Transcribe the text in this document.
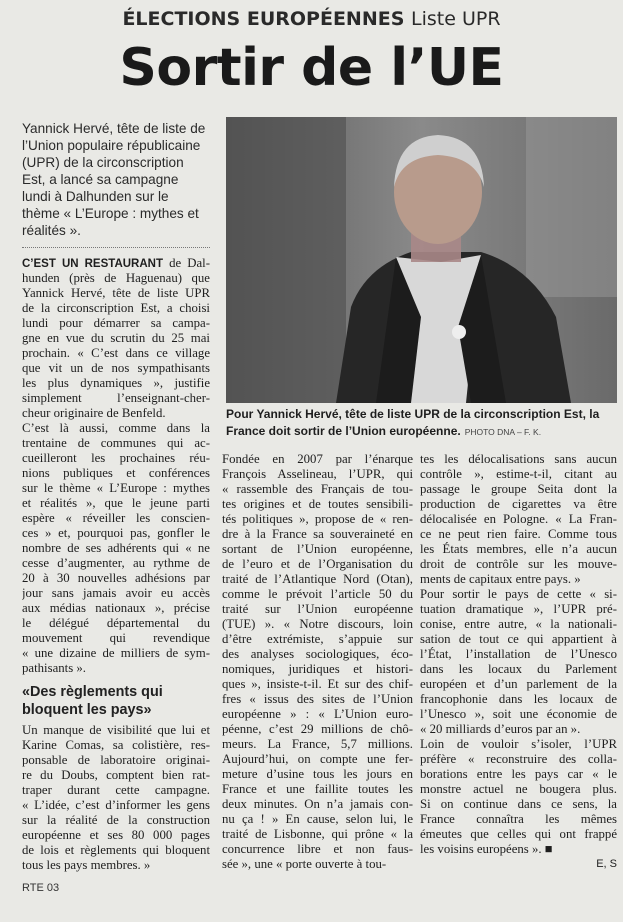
ÉLECTIONS EUROPÉENNES Liste UPR
Sortir de l’UE
Yannick Hervé, tête de liste de l’Union populaire républicaine (UPR) de la circonscription Est, a lancé sa campagne lundi à Dalhunden sur le thème « L’Europe : mythes et réalités ».
C’EST UN RESTAURANT de Dal-
hunden (près de Haguenau) que
Yannick Hervé, tête de liste UPR
de la circonscription Est, a choisi
lundi pour démarrer sa campa-
gne en vue du scrutin du 25 mai
prochain. « C’est dans ce village
que vit un de nos sympathisants
les plus dynamiques », justifie
simplement l’enseignant-cher-
cheur originaire de Benfeld.
C’est là aussi, comme dans la
trentaine de communes qui ac-
cueilleront les prochaines réu-
nions publiques et conférences
sur le thème « L’Europe : mythes
et réalités », que le jeune parti
espère « réveiller les conscien-
ces » et, pourquoi pas, gonfler le
nombre de ses adhérents qui « ne
cesse d’augmenter, au rythme de
20 à 30 nouvelles adhésions par
jour sans jamais avoir eu accès
aux médias nationaux », précise
le délégué départemental du
mouvement qui revendique
« une dizaine de milliers de sym-
pathisants ».
«Des règlements qui bloquent les pays»
Un manque de visibilité que lui et
Karine Comas, sa colistière, res-
ponsable de laboratoire originai-
re du Doubs, comptent bien rat-
traper durant cette campagne.
« L’idée, c’est d’informer les gens
sur la réalité de la construction
européenne et ses 80 000 pages
de lois et règlements qui bloquent
tous les pays membres. »
RTE 03
Pour Yannick Hervé, tête de liste UPR de la circonscription Est, la France doit sortir de l’Union européenne. PHOTO DNA – F. K.
Fondée en 2007 par l’énarque
François Asselineau, l’UPR, qui
« rassemble des Français de tou-
tes origines et de toutes sensibili-
tés politiques », propose de « ren-
dre à la France sa souveraineté en
sortant de l’Union européenne,
de l’euro et de l’Organisation du
traité de l’Atlantique Nord (Otan),
comme le prévoit l’article 50 du
traité sur l’Union européenne
(TUE) ». « Notre discours, loin
d’être extrémiste, s’appuie sur
des analyses sociologiques, éco-
nomiques, juridiques et histori-
ques », insiste-t-il. Et sur des chif-
fres « issus des sites de l’Union
européenne » : « L’Union euro-
péenne, c’est 29 millions de chô-
meurs. La France, 5,7 millions.
Aujourd’hui, on compte une fer-
meture d’usine tous les jours en
France et une faillite toutes les
deux minutes. On n’a jamais con-
nu ça ! » En cause, selon lui, le
traité de Lisbonne, qui prône « la
concurrence libre et non faus-
sée », une « porte ouverte à tou-
tes les délocalisations sans aucun
contrôle », estime-t-il, citant au
passage le groupe Seita dont la
production de cigarettes va être
délocalisée en Pologne. « La Fran-
ce ne peut rien faire. Comme tous
les États membres, elle n’a aucun
droit de contrôle sur les mouve-
ments de capitaux entre pays. »
Pour sortir le pays de cette « si-
tuation dramatique », l’UPR pré-
conise, entre autre, « la nationali-
sation de tout ce qui appartient à
l’État, l’installation de l’Unesco
dans les locaux du Parlement
européen et d’un parlement de la
francophonie dans les locaux de
l’Unesco », soit une économie de
« 20 milliards d’euros par an ».
Loin de vouloir s’isoler, l’UPR
préfère « reconstruire des colla-
borations entre les pays car « le
monstre actuel ne bougera plus.
Si on continue dans ce sens, la
France connaîtra les mêmes
émeutes que celles qui ont frappé
les voisins européens ». ■
E, S
